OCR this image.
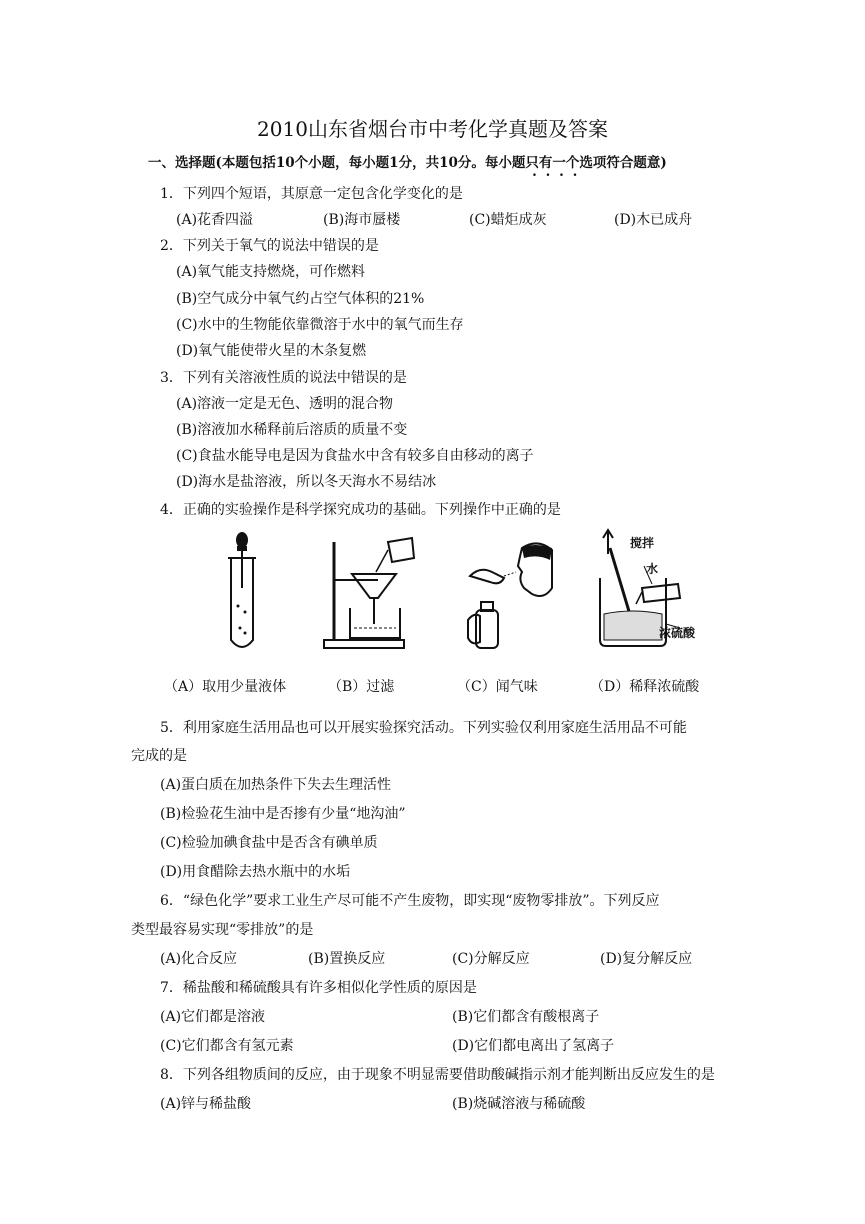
2010山东省烟台市中考化学真题及答案
一、选择题(本题包括10个小题，每小题1分，共10分。每小题只有一个选项符合题意)
1．下列四个短语，其原意一定包含化学变化的是
(A)花香四溢	(B)海市蜃楼	(C)蜡炬成灰	(D)木已成舟
2．下列关于氧气的说法中错误的是
(A)氧气能支持燃烧，可作燃料
(B)空气成分中氧气约占空气体积的21%
(C)水中的生物能依靠微溶于水中的氧气而生存
(D)氧气能使带火星的木条复燃
3．下列有关溶液性质的说法中错误的是
(A)溶液一定是无色、透明的混合物
(B)溶液加水稀释前后溶质的质量不变
(C)食盐水能导电是因为食盐水中含有较多自由移动的离子
(D)海水是盐溶液，所以冬天海水不易结冰
4．正确的实验操作是科学探究成功的基础。下列操作中正确的是
搅拌
水
浓硫酸
（A）取用少量液体	（B）过滤	（C）闻气味	（D）稀释浓硫酸
5．利用家庭生活用品也可以开展实验探究活动。下列实验仅利用家庭生活用品不可能
完成的是
(A)蛋白质在加热条件下失去生理活性
(B)检验花生油中是否掺有少量“地沟油”
(C)检验加碘食盐中是否含有碘单质
(D)用食醋除去热水瓶中的水垢
6．“绿色化学”要求工业生产尽可能不产生废物，即实现“废物零排放”。下列反应
类型最容易实现“零排放”的是
(A)化合反应	(B)置换反应	(C)分解反应	(D)复分解反应
7．稀盐酸和稀硫酸具有许多相似化学性质的原因是
(A)它们都是溶液	(B)它们都含有酸根离子
(C)它们都含有氢元素	(D)它们都电离出了氢离子
8．下列各组物质间的反应，由于现象不明显需要借助酸碱指示剂才能判断出反应发生的是
(A)锌与稀盐酸	(B)烧碱溶液与稀硫酸
